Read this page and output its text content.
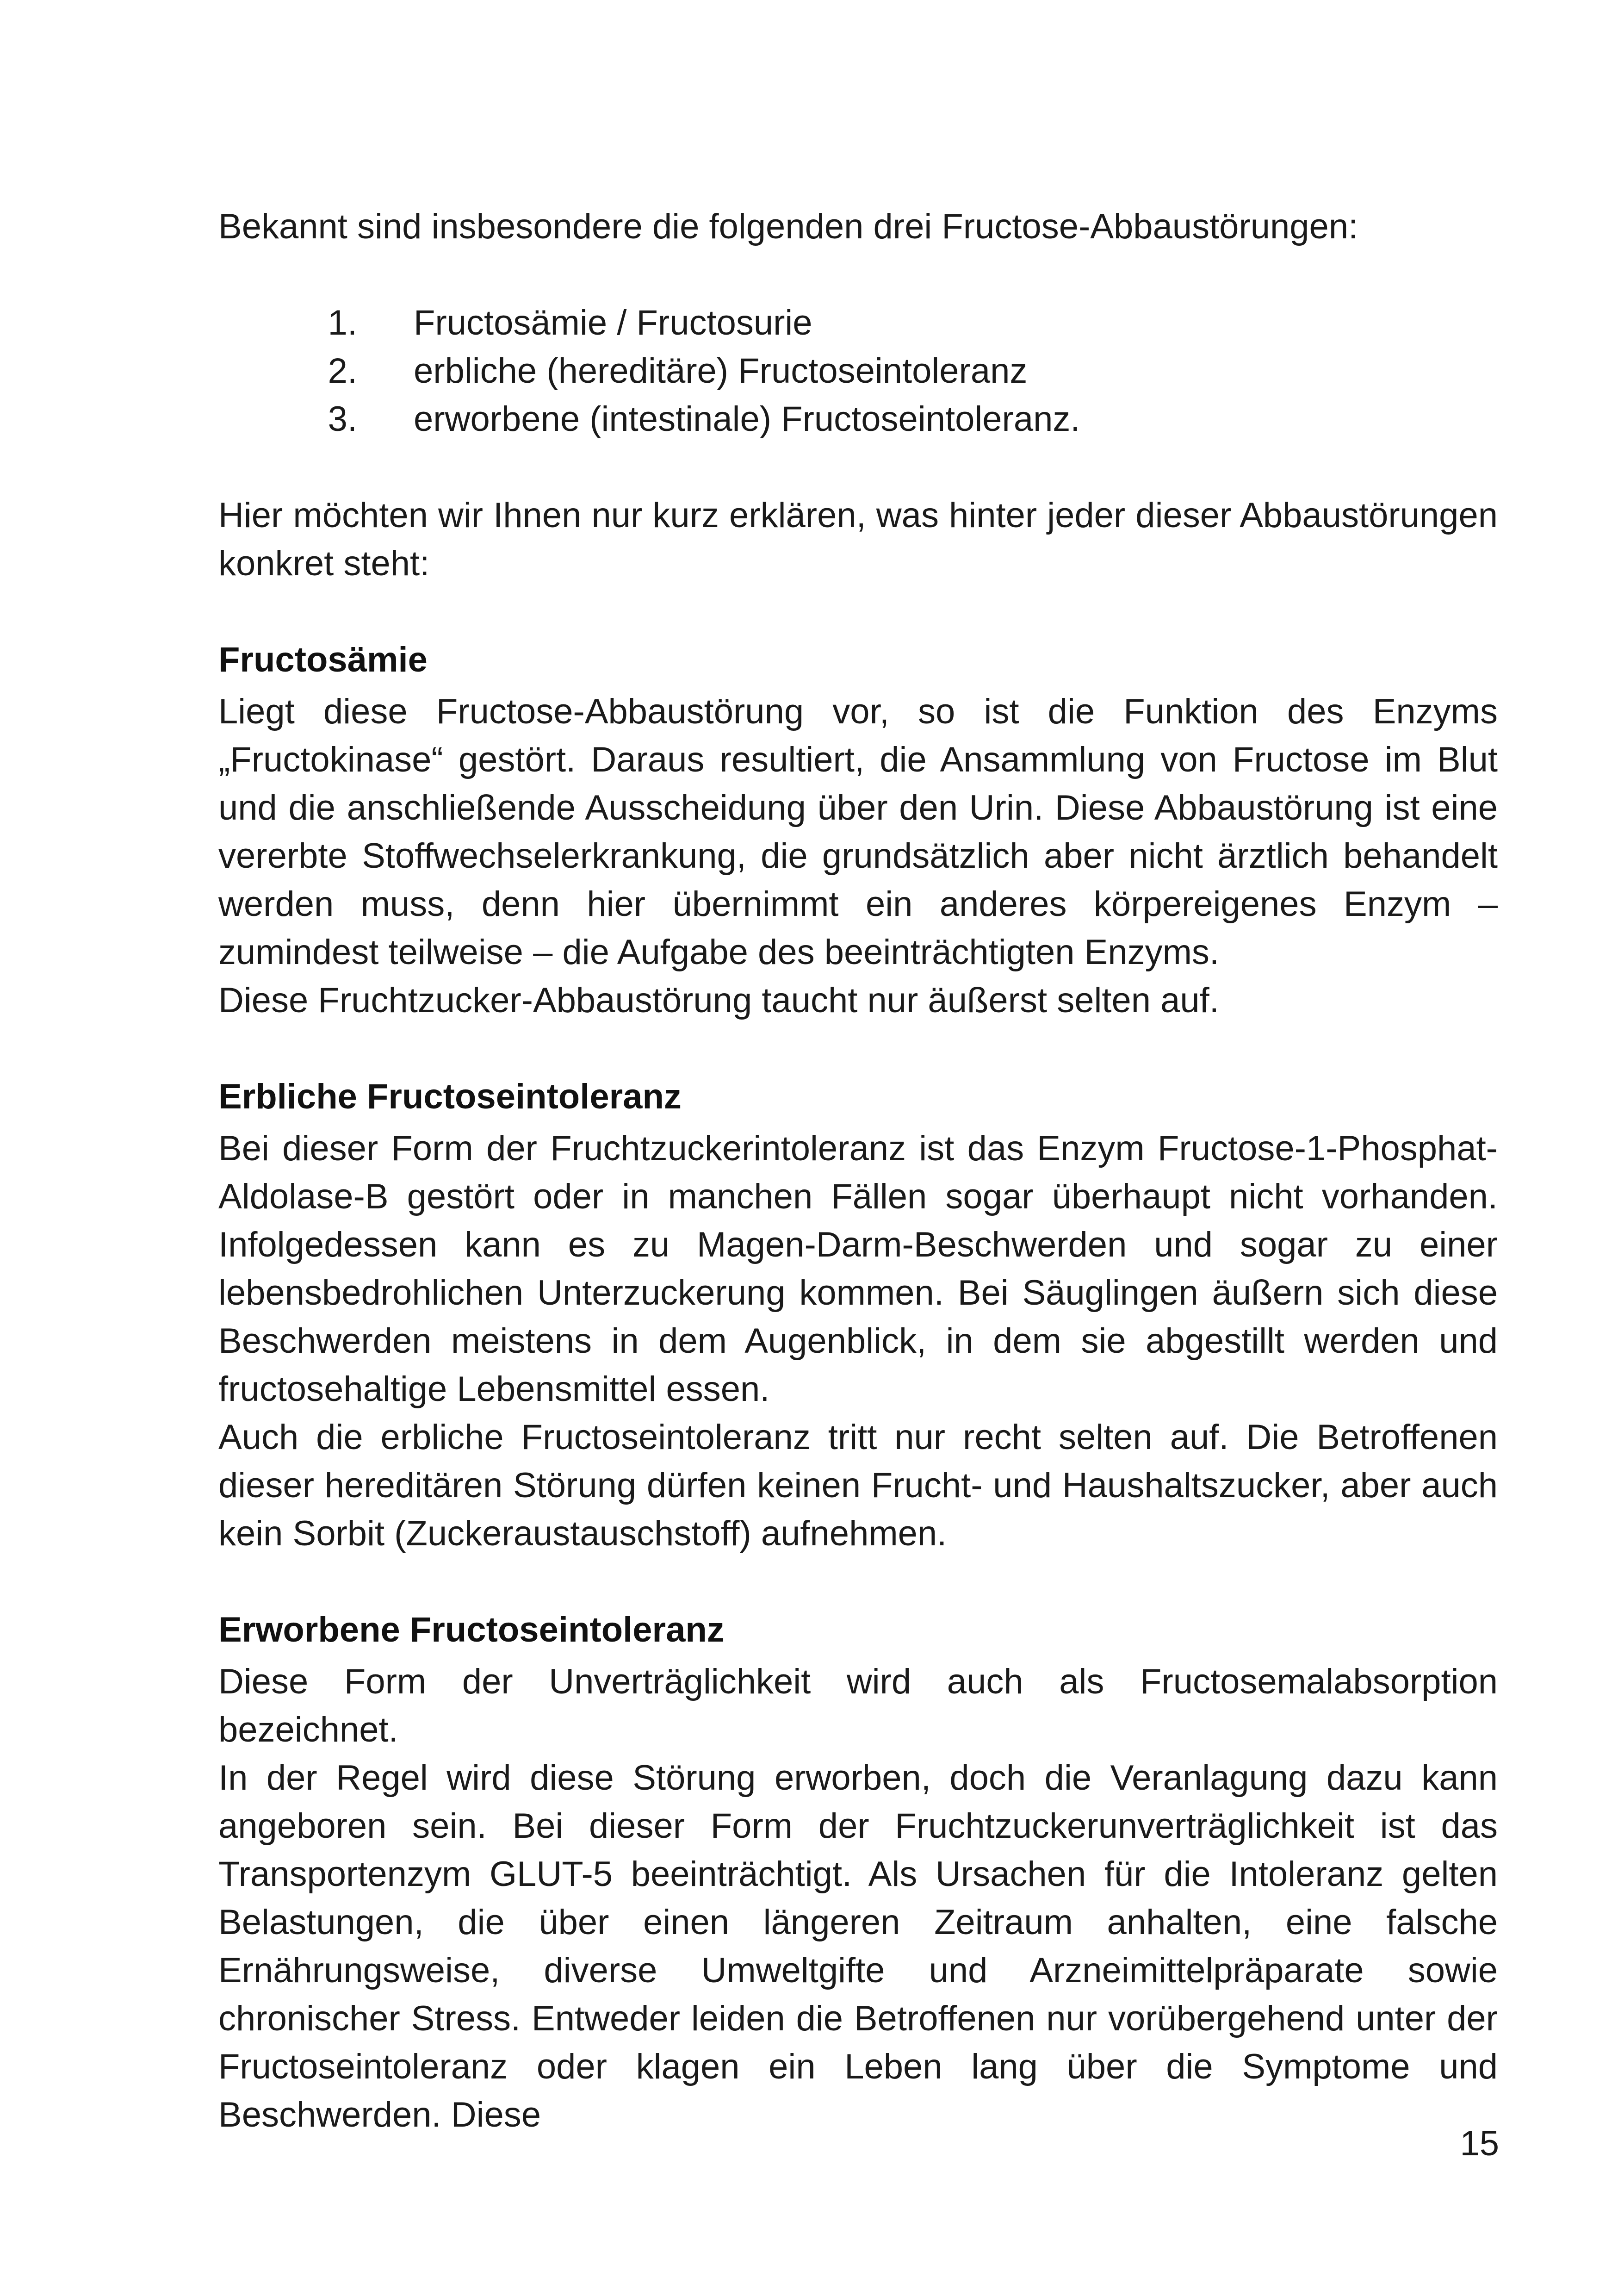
Bekannt sind insbesondere die folgenden drei Fructose-Abbaustörungen:

1.	Fructosämie / Fructosurie
2.	erbliche (hereditäre) Fructoseintoleranz
3.	erworbene (intestinale) Fructoseintoleranz.

Hier möchten wir Ihnen nur kurz erklären, was hinter jeder dieser Abbaustörungen konkret steht:

Fructosämie

Liegt diese Fructose-Abbaustörung vor, so ist die Funktion des Enzyms „Fructokinase“ gestört. Daraus resultiert, die Ansammlung von Fructose im Blut und die anschließende Ausscheidung über den Urin. Diese Abbaustörung ist eine vererbte Stoffwechselerkrankung, die grundsätzlich aber nicht ärztlich behandelt werden muss, denn hier übernimmt ein anderes körpereigenes Enzym – zumindest teilweise – die Aufgabe des beeinträchtigten Enzyms.

Diese Fruchtzucker-Abbaustörung taucht nur äußerst selten auf.

Erbliche Fructoseintoleranz

Bei dieser Form der Fruchtzuckerintoleranz ist das Enzym Fructose-1-Phosphat-Aldolase-B gestört oder in manchen Fällen sogar überhaupt nicht vorhanden. Infolgedessen kann es zu Magen-Darm-Beschwerden und sogar zu einer lebensbedrohlichen Unterzuckerung kommen. Bei Säuglingen äußern sich diese Beschwerden meistens in dem Augenblick, in dem sie abgestillt werden und fructosehaltige Lebensmittel essen.

Auch die erbliche Fructoseintoleranz tritt nur recht selten auf. Die Betroffenen dieser hereditären Störung dürfen keinen Frucht- und Haushaltszucker, aber auch kein Sorbit (Zuckeraustauschstoff) aufnehmen.

Erworbene Fructoseintoleranz

Diese Form der Unverträglichkeit wird auch als Fructosemalabsorption bezeichnet.

In der Regel wird diese Störung erworben, doch die Veranlagung dazu kann angeboren sein. Bei dieser Form der Fruchtzuckerunverträglichkeit ist das Transportenzym GLUT-5 beeinträchtigt. Als Ursachen für die Intoleranz gelten Belastungen, die über einen längeren Zeitraum anhalten, eine falsche Ernährungsweise, diverse Umweltgifte und Arzneimittelpräparate sowie chronischer Stress. Entweder leiden die Betroffenen nur vorübergehend unter der Fructoseintoleranz oder klagen ein Leben lang über die Symptome und Beschwerden. Diese

15
